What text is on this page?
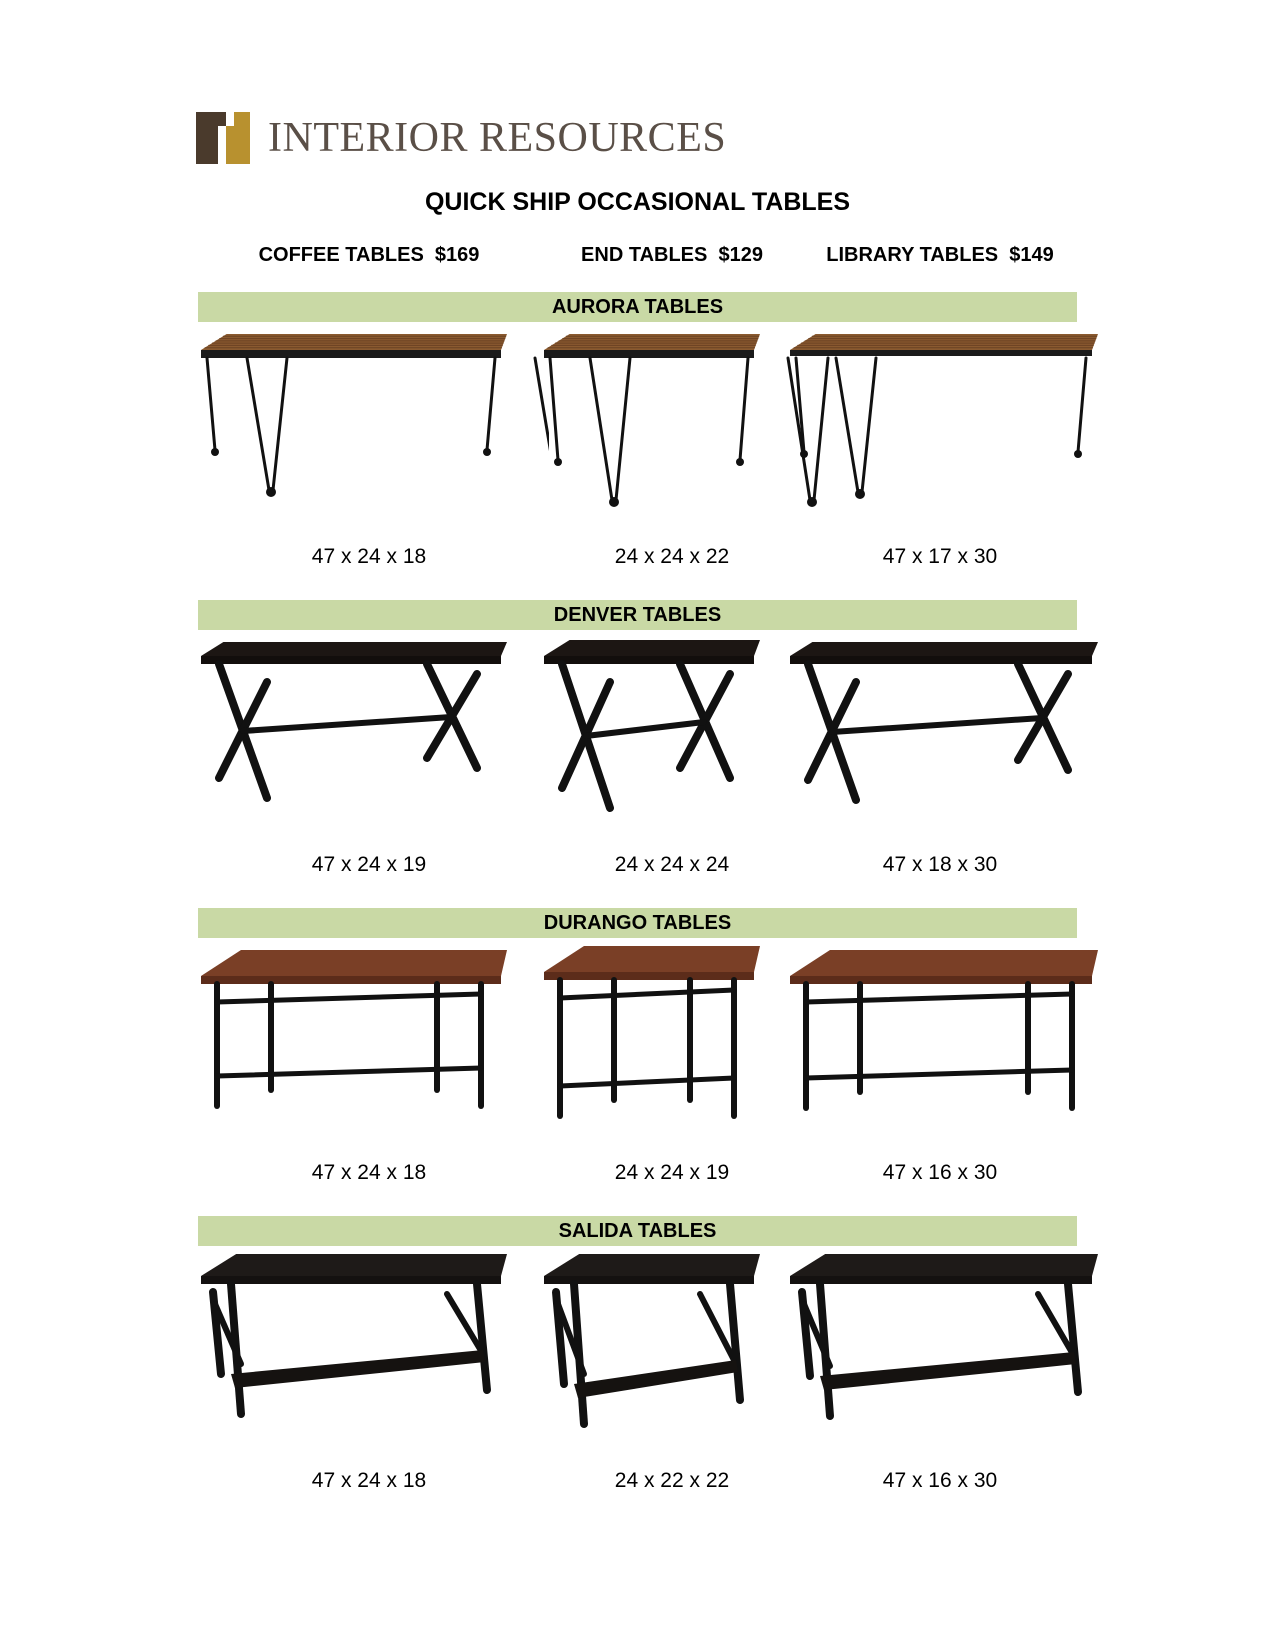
INTERIOR RESOURCES
QUICK SHIP OCCASIONAL TABLES
COFFEE TABLES  $169	END TABLES  $129	LIBRARY TABLES  $149
AURORA TABLES
47 x 24 x 18	24 x 24 x 22	47 x 17 x 30
DENVER TABLES
47 x 24 x 19	24 x 24 x 24	47 x 18 x 30
DURANGO TABLES
47 x 24 x 18	24 x 24 x 19	47 x 16 x 30
SALIDA TABLES
47 x 24 x 18	24 x 22 x 22	47 x 16 x 30
